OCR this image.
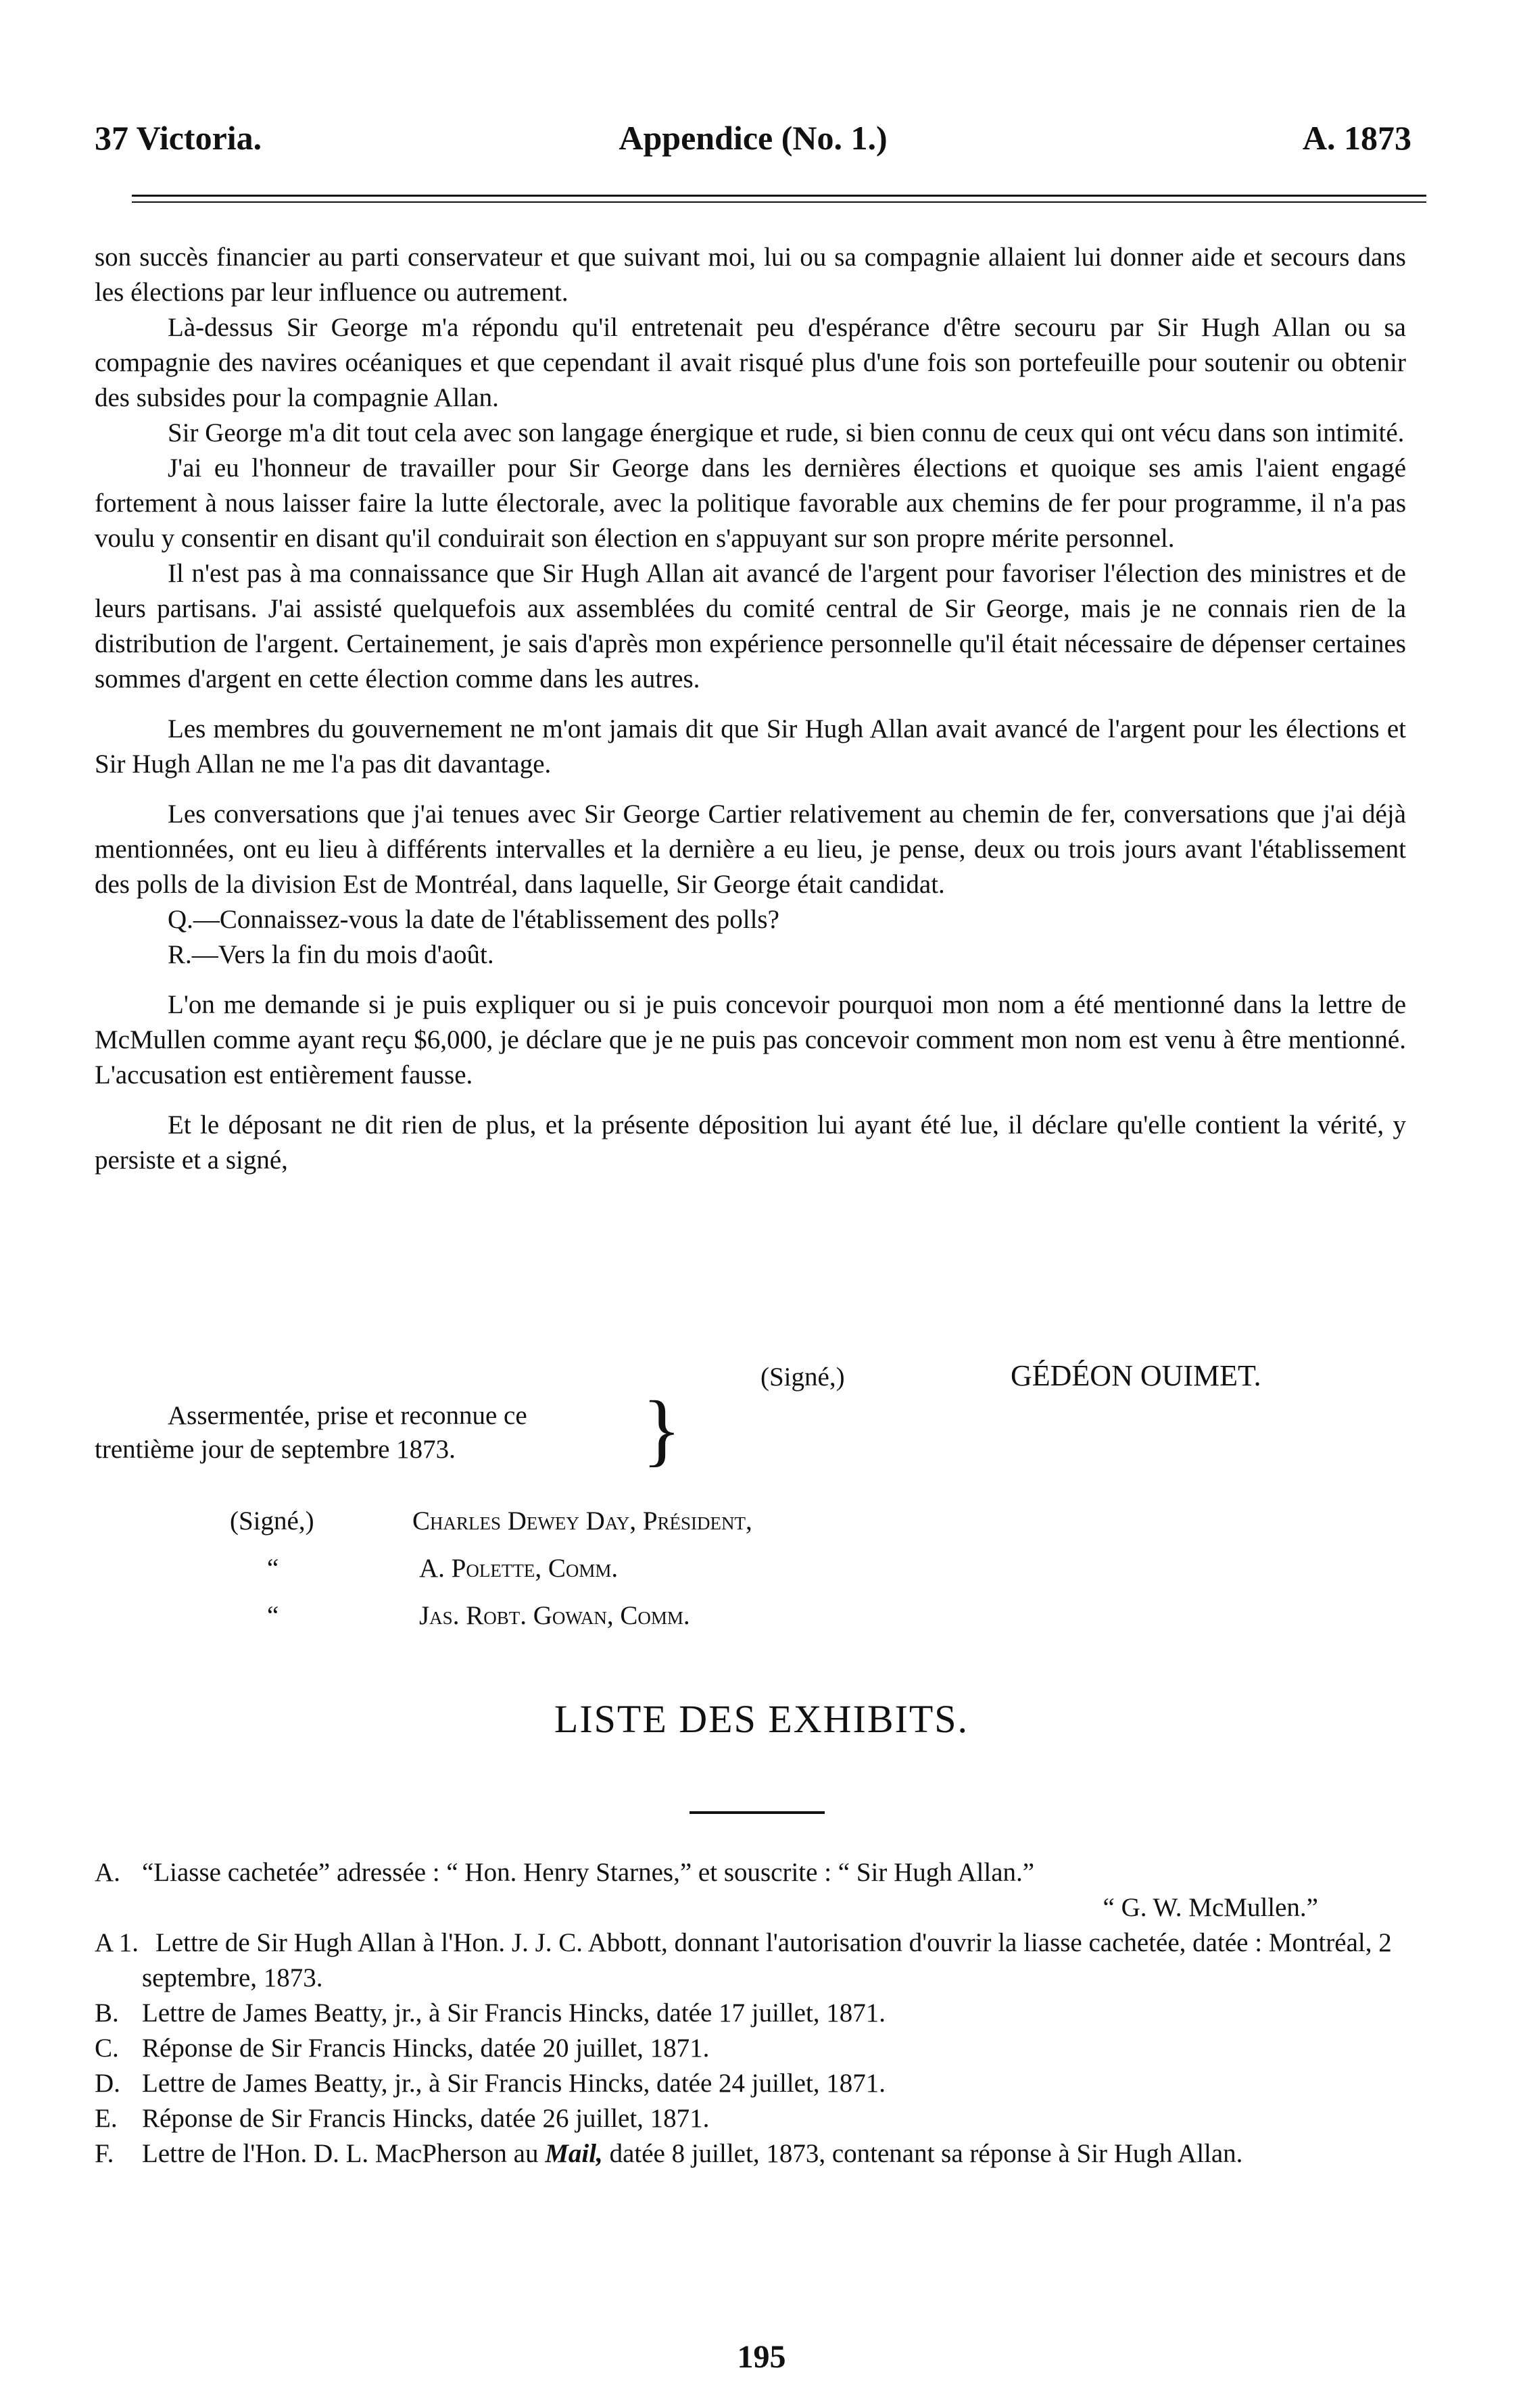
37 Victoria.	Appendice (No. 1.)	A. 1873

son succès financier au parti conservateur et que suivant moi, lui ou sa compagnie allaient lui donner aide et secours dans les élections par leur influence ou autrement.

Là-dessus Sir George m'a répondu qu'il entretenait peu d'espérance d'être secouru par Sir Hugh Allan ou sa compagnie des navires océaniques et que cependant il avait risqué plus d'une fois son portefeuille pour soutenir ou obtenir des subsides pour la compagnie Allan.

Sir George m'a dit tout cela avec son langage énergique et rude, si bien connu de ceux qui ont vécu dans son intimité.

J'ai eu l'honneur de travailler pour Sir George dans les dernières élections et quoique ses amis l'aient engagé fortement à nous laisser faire la lutte électorale, avec la politique favorable aux chemins de fer pour programme, il n'a pas voulu y consentir en disant qu'il conduirait son élection en s'appuyant sur son propre mérite personnel.

Il n'est pas à ma connaissance que Sir Hugh Allan ait avancé de l'argent pour favoriser l'élection des ministres et de leurs partisans. J'ai assisté quelquefois aux assemblées du comité central de Sir George, mais je ne connais rien de la distribution de l'argent. Certainement, je sais d'après mon expérience personnelle qu'il était nécessaire de dépenser certaines sommes d'argent en cette élection comme dans les autres.

Les membres du gouvernement ne m'ont jamais dit que Sir Hugh Allan avait avancé de l'argent pour les élections et Sir Hugh Allan ne me l'a pas dit davantage.

Les conversations que j'ai tenues avec Sir George Cartier relativement au chemin de fer, conversations que j'ai déjà mentionnées, ont eu lieu à différents intervalles et la dernière a eu lieu, je pense, deux ou trois jours avant l'établissement des polls de la division Est de Montréal, dans laquelle, Sir George était candidat.

Q.—Connaissez-vous la date de l'établissement des polls?

R.—Vers la fin du mois d'août.

L'on me demande si je puis expliquer ou si je puis concevoir pourquoi mon nom a été mentionné dans la lettre de McMullen comme ayant reçu $6,000, je déclare que je ne puis pas concevoir comment mon nom est venu à être mentionné. L'accusation est entièrement fausse.

Et le déposant ne dit rien de plus, et la présente déposition lui ayant été lue, il déclare qu'elle contient la vérité, y persiste et a signé,

(Signé,)	GÉDÉON OUIMET.
Assermentée, prise et reconnue ce
trentième jour de septembre 1873. }
(Signé,)	Charles Dewey Day, Président,
“	A. Polette, Comm.
“	Jas. Robt. Gowan, Comm.
LISTE DES EXHIBITS.
A. “Liasse cachetée” adressée : “ Hon. Henry Starnes,” et souscrite : “ Sir Hugh Allan.”

“ G. W. McMullen.”

A 1. Lettre de Sir Hugh Allan à l'Hon. J. J. C. Abbott, donnant l'autorisation d'ouvrir la liasse cachetée, datée : Montréal, 2 septembre, 1873.
B. Lettre de James Beatty, jr., à Sir Francis Hincks, datée 17 juillet, 1871.
C. Réponse de Sir Francis Hincks, datée 20 juillet, 1871.
D. Lettre de James Beatty, jr., à Sir Francis Hincks, datée 24 juillet, 1871.
E. Réponse de Sir Francis Hincks, datée 26 juillet, 1871.
F. Lettre de l'Hon. D. L. MacPherson au Mail, datée 8 juillet, 1873, contenant sa réponse à Sir Hugh Allan.
195
